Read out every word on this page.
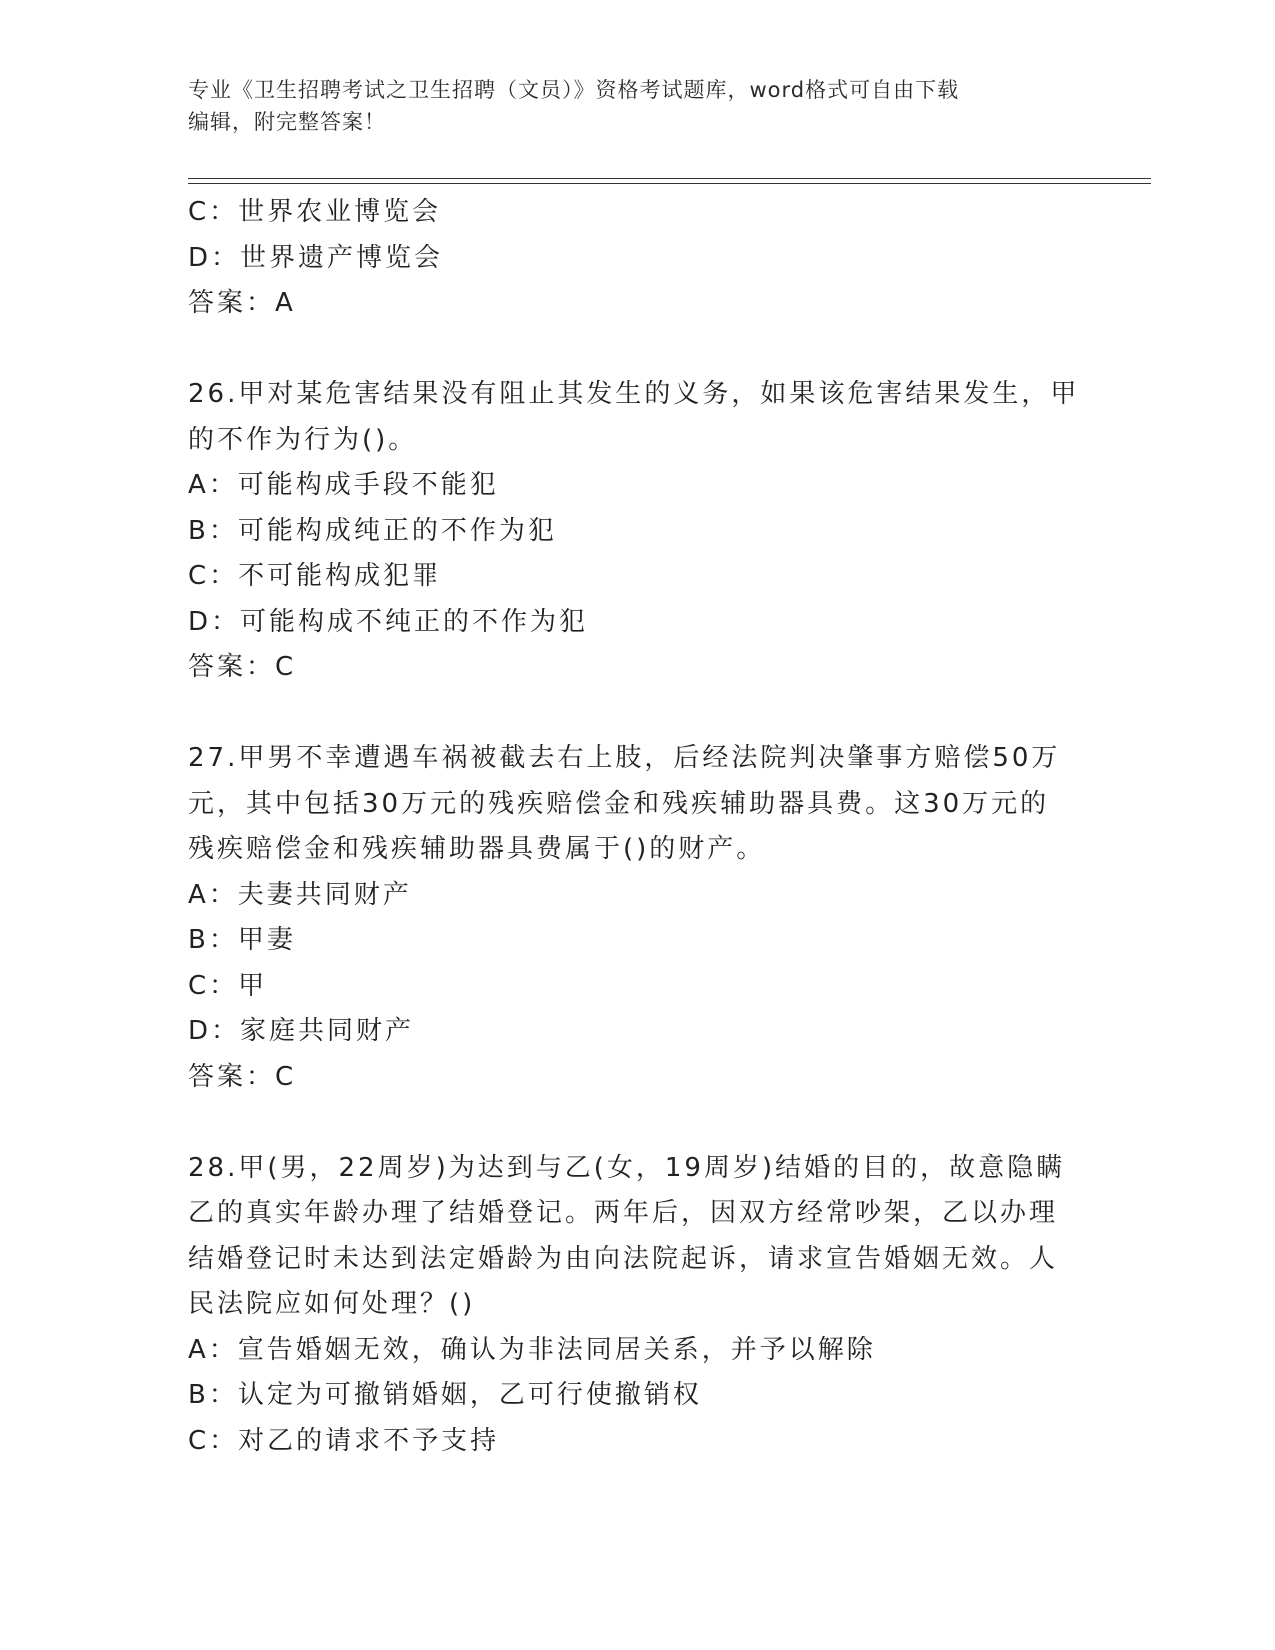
专业《卫生招聘考试之卫生招聘（文员）》资格考试题库，word格式可自由下载
编辑，附完整答案！
C：世界农业博览会
D：世界遗产博览会
答案：A
26.甲对某危害结果没有阻止其发生的义务，如果该危害结果发生，甲
的不作为行为()。
A：可能构成手段不能犯
B：可能构成纯正的不作为犯
C：不可能构成犯罪
D：可能构成不纯正的不作为犯
答案：C
27.甲男不幸遭遇车祸被截去右上肢，后经法院判决肇事方赔偿50万
元，其中包括30万元的残疾赔偿金和残疾辅助器具费。这30万元的
残疾赔偿金和残疾辅助器具费属于()的财产。
A：夫妻共同财产
B：甲妻
C：甲
D：家庭共同财产
答案：C
28.甲(男，22周岁)为达到与乙(女，19周岁)结婚的目的，故意隐瞒
乙的真实年龄办理了结婚登记。两年后，因双方经常吵架，乙以办理
结婚登记时未达到法定婚龄为由向法院起诉，请求宣告婚姻无效。人
民法院应如何处理？()
A：宣告婚姻无效，确认为非法同居关系，并予以解除
B：认定为可撤销婚姻，乙可行使撤销权
C：对乙的请求不予支持
